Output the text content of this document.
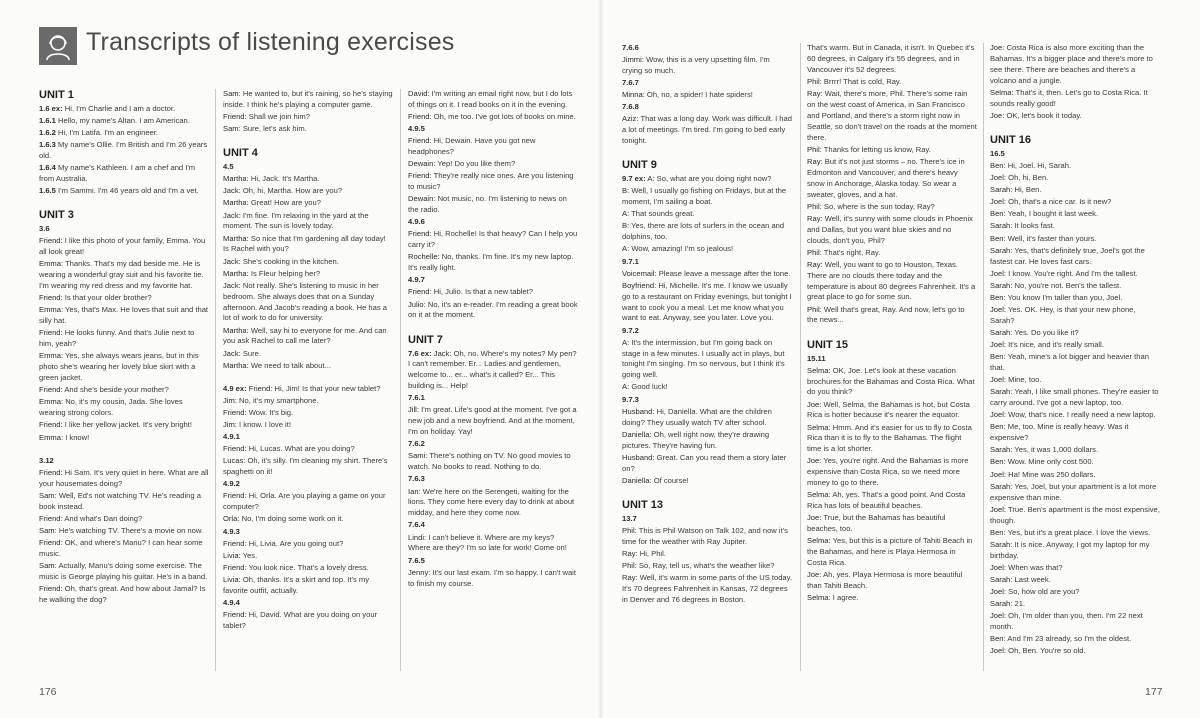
Transcripts of listening exercises
UNIT 1
1.6 ex: Hi. I'm Charlie and I am a doctor.
1.6.1 Hello, my name's Altan. I am American.
1.6.2 Hi, I'm Latifa. I'm an engineer.
1.6.3 My name's Ollie. I'm British and I'm 26 years old.
1.6.4 My name's Kathleen. I am a chef and I'm from Australia.
1.6.5 I'm Sammi. I'm 46 years old and I'm a vet.
UNIT 3
3.6
Friend: I like this photo of your family, Emma. You all look great!
Emma: Thanks. That's my dad beside me. He is wearing a wonderful gray suit and his favorite tie. I'm wearing my red dress and my favorite hat.
Friend: Is that your older brother?
Emma: Yes, that's Max. He loves that suit and that silly hat.
Friend: He looks funny. And that's Julie next to him, yeah?
Emma: Yes, she always wears jeans, but in this photo she's wearing her lovely blue skirt with a green jacket.
Friend: And she's beside your mother?
Emma: No, it's my cousin, Jada. She loves wearing strong colors.
Friend: I like her yellow jacket. It's very bright!
Emma: I know!
3.12
Friend: Hi Sam. It's very quiet in here. What are all your housemates doing?
Sam: Well, Ed's not watching TV. He's reading a book instead.
Friend: And what's Dan doing?
Sam: He's watching TV. There's a movie on now.
Friend: OK, and where's Manu? I can hear some music.
Sam: Actually, Manu's doing some exercise. The music is George playing his guitar. He's in a band.
Friend: Oh, that's great. And how about Jamal? Is he walking the dog?
Sam: He wanted to, but it's raining, so he's staying inside. I think he's playing a computer game.
Friend: Shall we join him?
Sam: Sure, let's ask him.
UNIT 4
4.5
Martha: Hi, Jack. It's Martha.
Jack: Oh, hi, Martha. How are you?
Martha: Great! How are you?
Jack: I'm fine. I'm relaxing in the yard at the moment. The sun is lovely today.
Martha: So nice that I'm gardening all day today! Is Rachel with you?
Jack: She's cooking in the kitchen.
Martha: Is Fleur helping her?
Jack: Not really. She's listening to music in her bedroom. She always does that on a Sunday afternoon. And Jacob's reading a book. He has a lot of work to do for university.
Martha: Well, say hi to everyone for me. And can you ask Rachel to call me later?
Jack: Sure.
Martha: We need to talk about...
4.9 ex: Friend: Hi, Jim! Is that your new tablet?
Jim: No, it's my smartphone.
Friend: Wow. It's big.
Jim: I know. I love it!
4.9.1
Friend: Hi, Lucas. What are you doing?
Lucas: Oh, it's silly. I'm cleaning my shirt. There's spaghetti on it!
4.9.2
Friend: Hi, Orla. Are you playing a game on your computer?
Orla: No, I'm doing some work on it.
4.9.3
Friend: Hi, Livia. Are you going out?
Livia: Yes.
Friend: You look nice. That's a lovely dress.
Livia: Oh, thanks. It's a skirt and top. It's my favorite outfit, actually.
4.9.4
Friend: Hi, David. What are you doing on your tablet?
David: I'm writing an email right now, but I do lots of things on it. I read books on it in the evening.
Friend: Oh, me too. I've got lots of books on mine.
4.9.5
Friend: Hi, Dewain. Have you got new headphones?
Dewain: Yep! Do you like them?
Friend: They're really nice ones. Are you listening to music?
Dewain: Not music, no. I'm listening to news on the radio.
4.9.6
Friend: Hi, Rochelle! Is that heavy? Can I help you carry it?
Rochelle: No, thanks. I'm fine. It's my new laptop. It's really light.
4.9.7
Friend: Hi, Julio. Is that a new tablet?
Julio: No, it's an e-reader. I'm reading a great book on it at the moment.
UNIT 7
7.6 ex: Jack: Oh, no. Where's my notes? My pen? I can't remember. Er... Ladies and gentlemen, welcome to... er... what's it called? Er... This building is... Help!
7.6.1
Jill: I'm great. Life's good at the moment. I've got a new job and a new boyfriend. And at the moment, I'm on holiday. Yay!
7.6.2
Sami: There's nothing on TV. No good movies to watch. No books to read. Nothing to do.
7.6.3
Ian: We're here on the Serengeti, waiting for the lions. They come here every day to drink at about midday, and here they come now.
7.6.4
Lindi: I can't believe it. Where are my keys? Where are they? I'm so late for work! Come on!
7.6.5
Jenny: It's our last exam. I'm so happy. I can't wait to finish my course.
7.6.6
Jimmi: Wow, this is a very upsetting film. I'm crying so much.
7.6.7
Minna: Oh, no, a spider! I hate spiders!
7.6.8
Aziz: That was a long day. Work was difficult. I had a lot of meetings. I'm tired. I'm going to bed early tonight.
UNIT 9
9.7 ex: A: So, what are you doing right now?
B: Well, I usually go fishing on Fridays, but at the moment, I'm sailing a boat.
A: That sounds great.
B: Yes, there are lots of surfers in the ocean and dolphins, too.
A: Wow, amazing! I'm so jealous!
9.7.1
Voicemail: Please leave a message after the tone.
Boyfriend: Hi, Michelle. It's me. I know we usually go to a restaurant on Friday evenings, but tonight I want to cook you a meal. Let me know what you want to eat. Anyway, see you later. Love you.
9.7.2
A: It's the intermission, but I'm going back on stage in a few minutes. I usually act in plays, but tonight I'm singing. I'm so nervous, but I think it's going well.
A: Good luck!
9.7.3
Husband: Hi, Daniella. What are the children doing? They usually watch TV after school.
Daniella: Oh, well right now, they're drawing pictures. They're having fun.
Husband: Great. Can you read them a story later on?
Daniella: Of course!
UNIT 13
13.7
Phil: This is Phil Watson on Talk 102, and now it's time for the weather with Ray Jupiter.
Ray: Hi, Phil.
Phil: So, Ray, tell us, what's the weather like?
Ray: Well, it's warm in some parts of the US today. It's 70 degrees Fahrenheit in Kansas, 72 degrees in Denver and 76 degrees in Boston.
That's warm. But in Canada, it isn't. In Quebec it's 60 degrees, in Calgary it's 55 degrees, and in Vancouver it's 52 degrees.
Phil: Brrrr! That is cold, Ray.
Ray: Wait, there's more, Phil. There's some rain on the west coast of America, in San Francisco and Portland, and there's a storm right now in Seattle, so don't travel on the roads at the moment there.
Phil: Thanks for letting us know, Ray.
Ray: But it's not just storms – no. There's ice in Edmonton and Vancouver, and there's heavy snow in Anchorage, Alaska today. So wear a sweater, gloves, and a hat.
Phil: So, where is the sun today, Ray?
Ray: Well, it's sunny with some clouds in Phoenix and Dallas, but you want blue skies and no clouds, don't you, Phil?
Phil: That's right, Ray.
Ray: Well, you want to go to Houston, Texas. There are no clouds there today and the temperature is about 80 degrees Fahrenheit. It's a great place to go for some sun.
Phil: Well that's great, Ray. And now, let's go to the news...
UNIT 15
15.11
Selma: OK, Joe. Let's look at these vacation brochures for the Bahamas and Costa Rica. What do you think?
Joe: Well, Selma, the Bahamas is hot, but Costa Rica is hotter because it's nearer the equator.
Selma: Hmm. And it's easier for us to fly to Costa Rica than it is to fly to the Bahamas. The flight time is a lot shorter.
Joe: Yes, you're right. And the Bahamas is more expensive than Costa Rica, so we need more money to go to there.
Selma: Ah, yes. That's a good point. And Costa Rica has lots of beautiful beaches.
Joe: True, but the Bahamas has beautiful beaches, too.
Selma: Yes, but this is a picture of Tahiti Beach in the Bahamas, and here is Playa Hermosa in Costa Rica.
Joe: Ah, yes. Playa Hermosa is more beautiful than Tahiti Beach.
Selma: I agree.
Joe: Costa Rica is also more exciting than the Bahamas. It's a bigger place and there's more to see there. There are beaches and there's a volcano and a jungle.
Selma: That's it, then. Let's go to Costa Rica. It sounds really good!
Joe: OK, let's book it today.
UNIT 16
16.5
Ben: Hi, Joel. Hi, Sarah.
Joel: Oh, hi, Ben.
Sarah: Hi, Ben.
Joel: Oh, that's a nice car. Is it new?
Ben: Yeah, I bought it last week.
Sarah: It looks fast.
Ben: Well, it's faster than yours.
Sarah: Yes, that's definitely true, Joel's got the fastest car. He loves fast cars.
Joel: I know. You're right. And I'm the tallest.
Sarah: No, you're not. Ben's the tallest.
Ben: You know I'm taller than you, Joel.
Joel: Yes. OK. Hey, is that your new phone, Sarah?
Sarah: Yes. Do you like it?
Joel: It's nice, and it's really small.
Ben: Yeah, mine's a lot bigger and heavier than that.
Joel: Mine, too.
Sarah: Yeah, I like small phones. They're easier to carry around. I've got a new laptop, too.
Joel: Wow, that's nice. I really need a new laptop.
Ben: Me, too. Mine is really heavy. Was it expensive?
Sarah: Yes, it was 1,000 dollars.
Ben: Wow. Mine only cost 500.
Joel: Ha! Mine was 250 dollars.
Sarah: Yes, Joel, but your apartment is a lot more expensive than mine.
Joel: True. Ben's apartment is the most expensive, though.
Ben: Yes, but it's a great place. I love the views.
Sarah: It is nice. Anyway, I got my laptop for my birthday.
Joel: When was that?
Sarah: Last week.
Joel: So, how old are you?
Sarah: 21.
Joel: Oh, I'm older than you, then. I'm 22 next month.
Ben: And I'm 23 already, so I'm the oldest.
Joel: Oh, Ben. You're so old.
176	177
